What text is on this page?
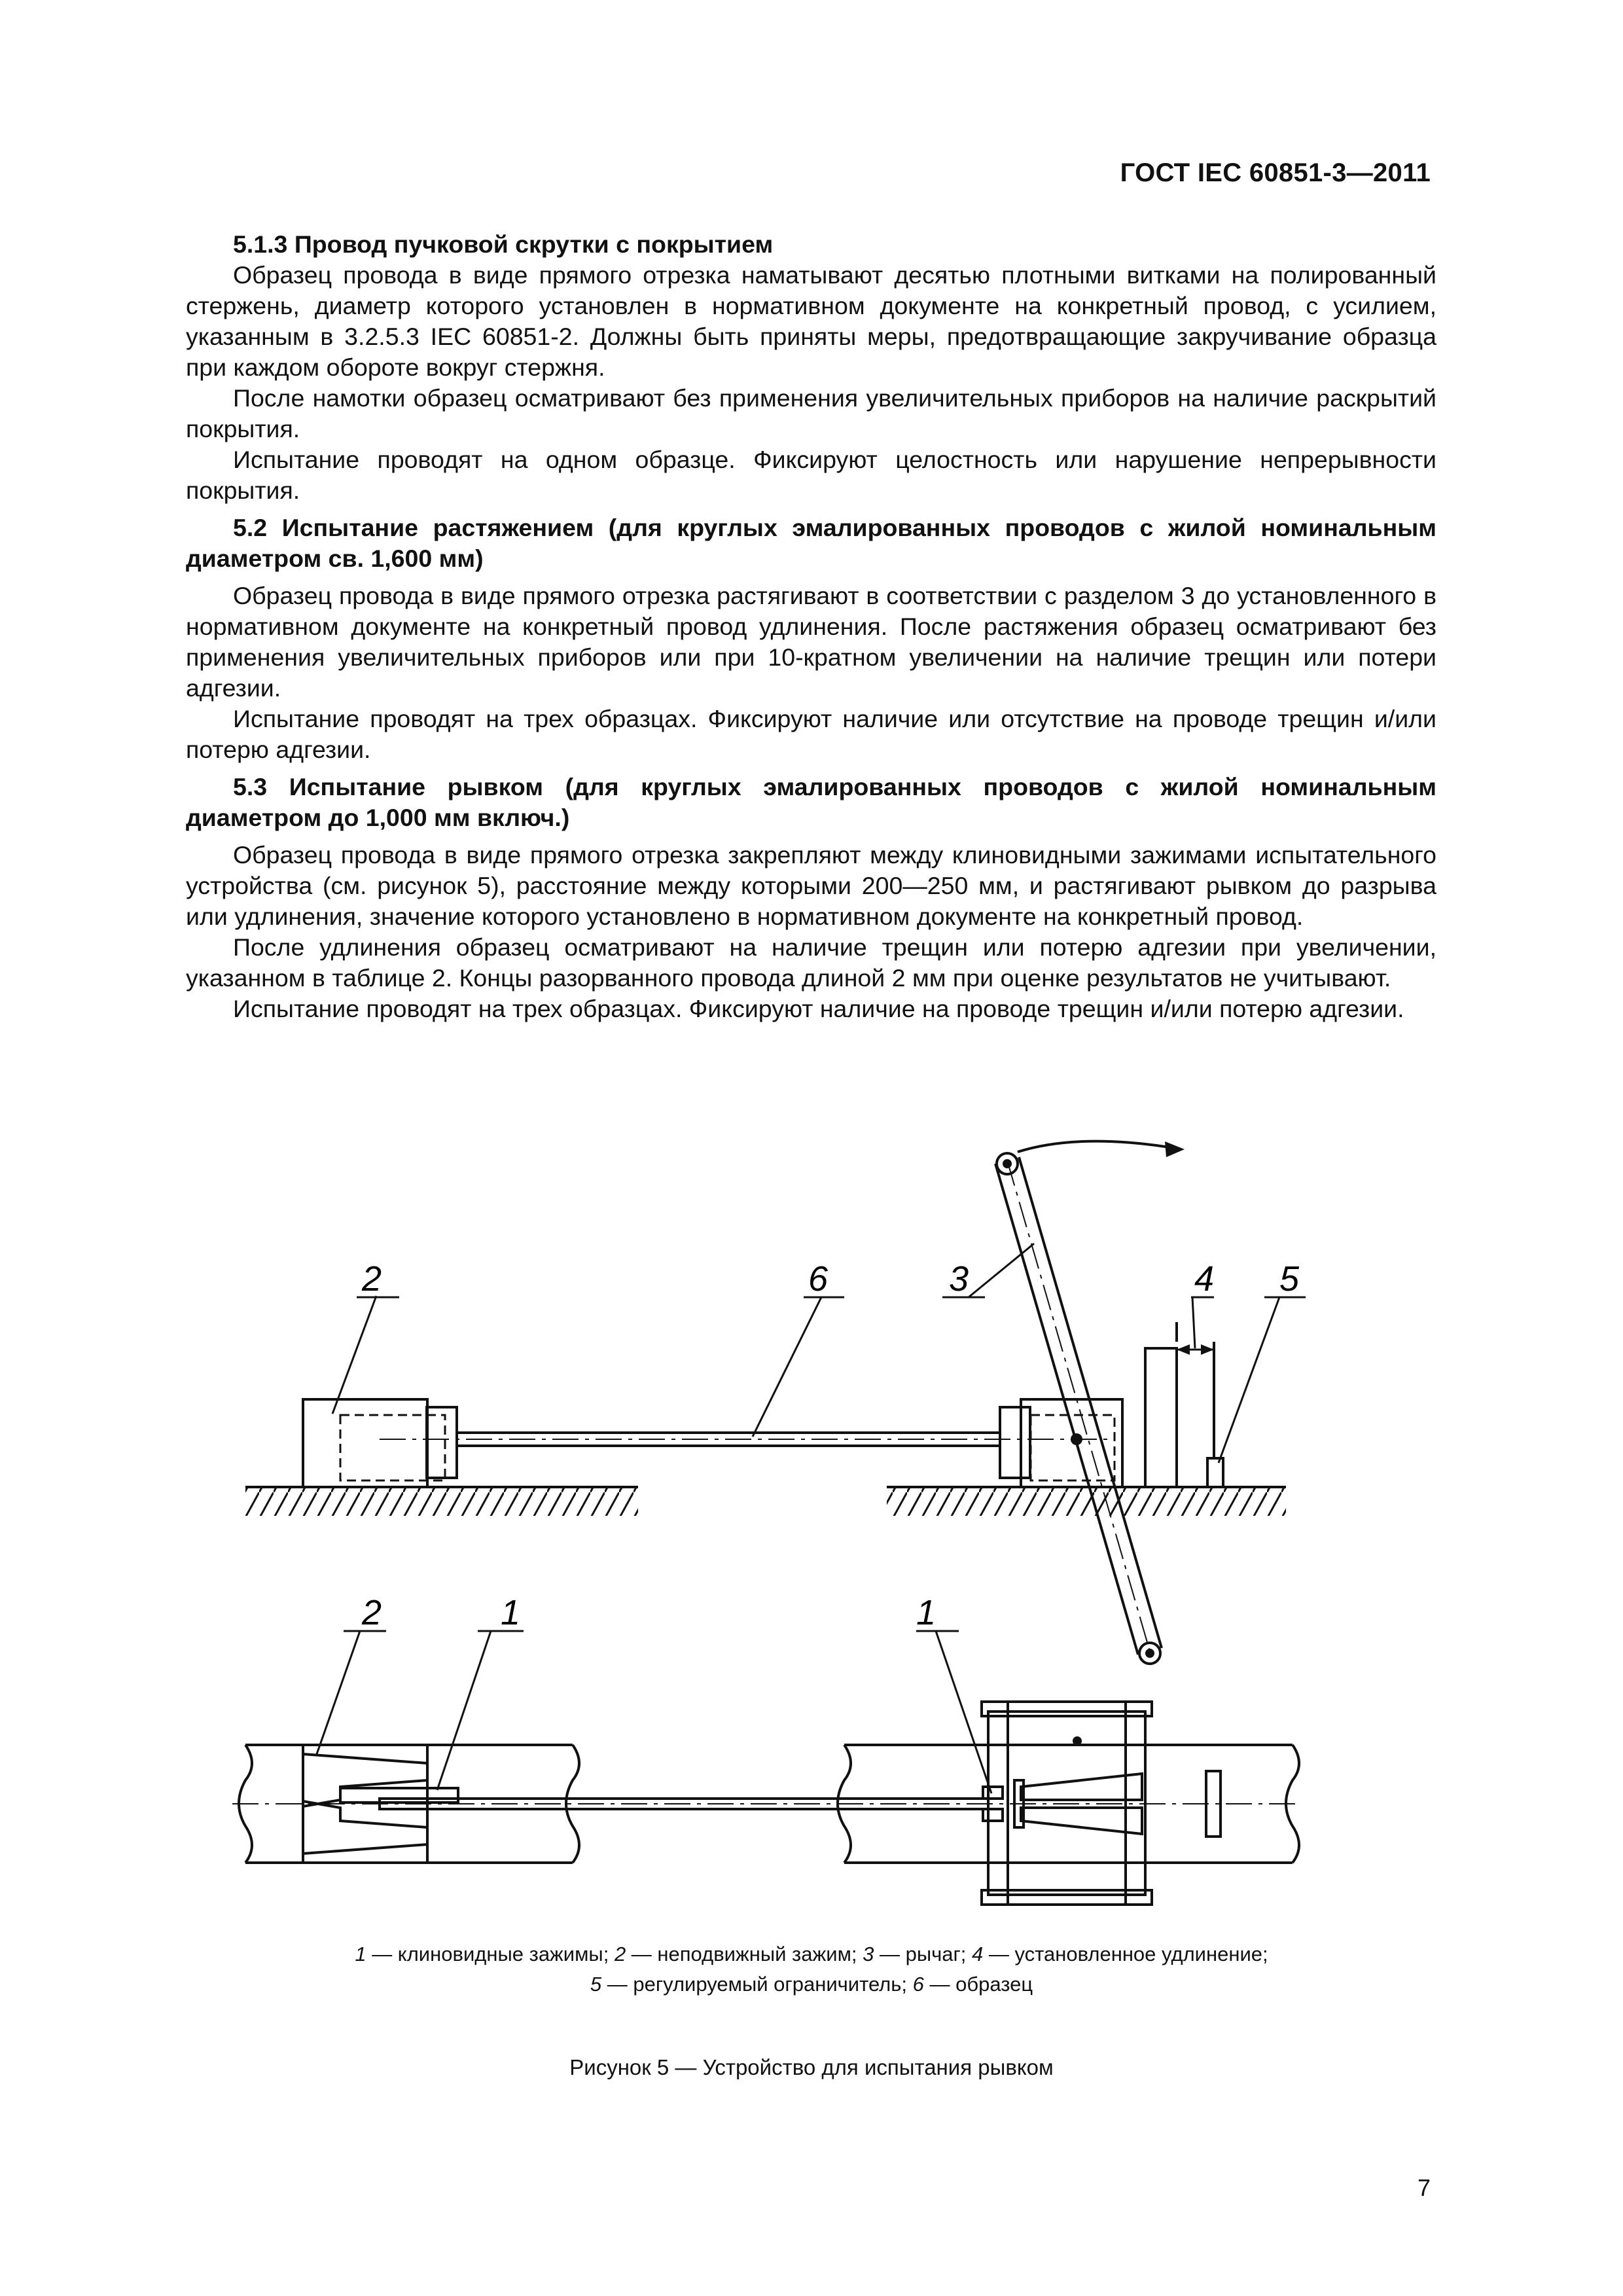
ГОСТ IEC 60851-3—2011
5.1.3 Провод пучковой скрутки с покрытием

Образец провода в виде прямого отрезка наматывают десятью плотными витками на полированный стержень, диаметр которого установлен в нормативном документе на конкретный провод, с усилием, указанным в 3.2.5.3 IEC 60851-2. Должны быть приняты меры, предотвращающие закручивание образца при каждом обороте вокруг стержня.

После намотки образец осматривают без применения увеличительных приборов на наличие раскрытий покрытия.

Испытание проводят на одном образце. Фиксируют целостность или нарушение непрерывности покрытия.

5.2 Испытание растяжением (для круглых эмалированных проводов с жилой номинальным диаметром св. 1,600 мм)

Образец провода в виде прямого отрезка растягивают в соответствии с разделом 3 до установленного в нормативном документе на конкретный провод удлинения. После растяжения образец осматривают без применения увеличительных приборов или при 10-кратном увеличении на наличие трещин или потери адгезии.

Испытание проводят на трех образцах. Фиксируют наличие или отсутствие на проводе трещин и/или потерю адгезии.

5.3 Испытание рывком (для круглых эмалированных проводов с жилой номинальным диаметром до 1,000 мм включ.)

Образец провода в виде прямого отрезка закрепляют между клиновидными зажимами испытательного устройства (см. рисунок 5), расстояние между которыми 200—250 мм, и растягивают рывком до разрыва или удлинения, значение которого установлено в нормативном документе на конкретный провод.

После удлинения образец осматривают на наличие трещин или потерю адгезии при увеличении, указанном в таблице 2. Концы разорванного провода длиной 2 мм при оценке результатов не учитывают.

Испытание проводят на трех образцах. Фиксируют наличие на проводе трещин и/или потерю адгезии.

2	6	3	4 5
2	1	1
1 — клиновидные зажимы; 2 — неподвижный зажим; 3 — рычаг; 4 — установленное удлинение;
5 — регулируемый ограничитель; 6 — образец
Рисунок 5 — Устройство для испытания рывком
7
